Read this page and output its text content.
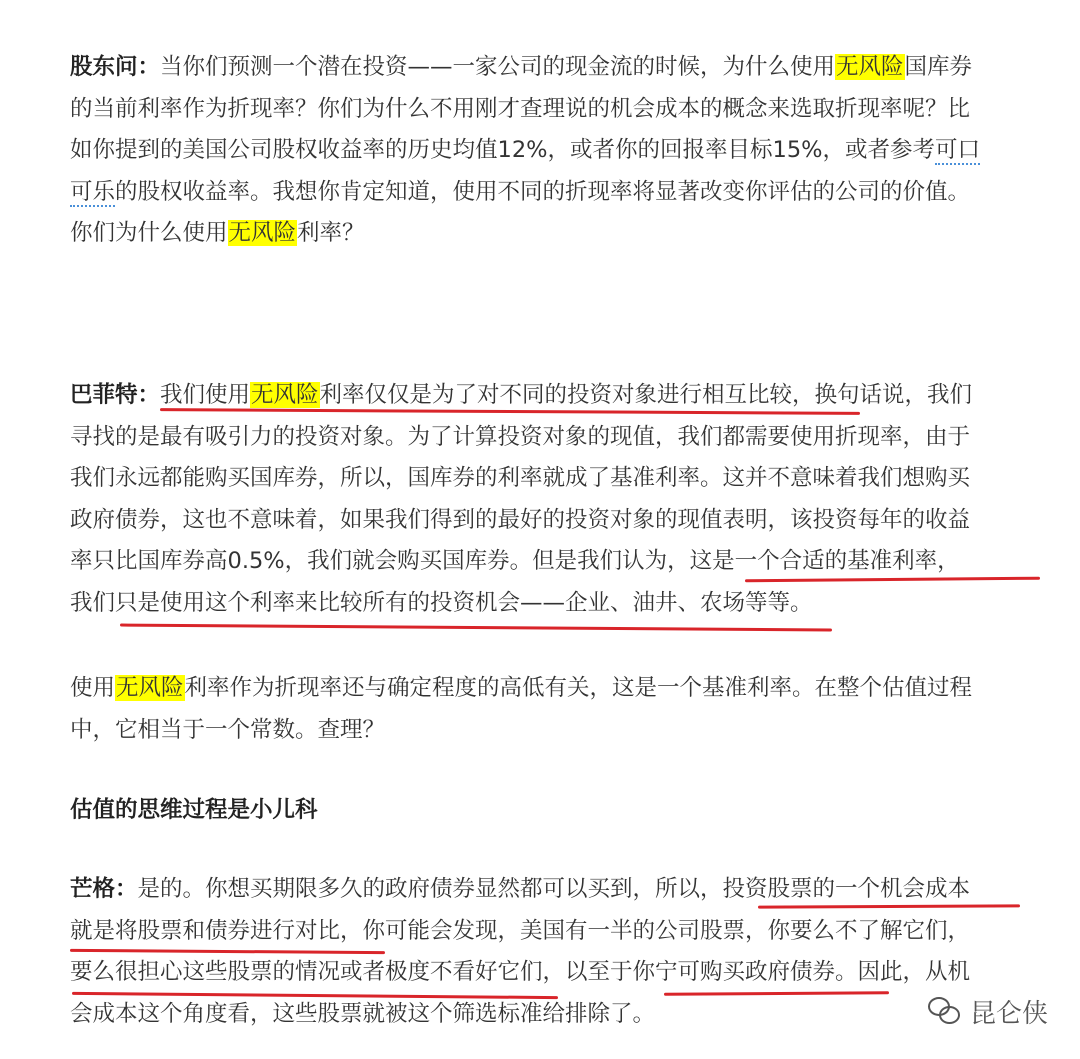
股东问：当你们预测一个潜在投资——一家公司的现金流的时候，为什么使用无风险国库券
的当前利率作为折现率？你们为什么不用刚才查理说的机会成本的概念来选取折现率呢？比
如你提到的美国公司股权收益率的历史均值12%，或者你的回报率目标15%，或者参考可口
可乐的股权收益率。我想你肯定知道，使用不同的折现率将显著改变你评估的公司的价值。
你们为什么使用无风险利率？
巴菲特：我们使用无风险利率仅仅是为了对不同的投资对象进行相互比较，换句话说，我们
寻找的是最有吸引力的投资对象。为了计算投资对象的现值，我们都需要使用折现率，由于
我们永远都能购买国库券，所以，国库券的利率就成了基准利率。这并不意味着我们想购买
政府债券，这也不意味着，如果我们得到的最好的投资对象的现值表明，该投资每年的收益
率只比国库券高0.5%，我们就会购买国库券。但是我们认为，这是一个合适的基准利率，
我们只是使用这个利率来比较所有的投资机会——企业、油井、农场等等。
使用无风险利率作为折现率还与确定程度的高低有关，这是一个基准利率。在整个估值过程
中，它相当于一个常数。查理？
估值的思维过程是小儿科
芒格：是的。你想买期限多久的政府债券显然都可以买到，所以，投资股票的一个机会成本
就是将股票和债券进行对比，你可能会发现，美国有一半的公司股票，你要么不了解它们，
要么很担心这些股票的情况或者极度不看好它们，以至于你宁可购买政府债券。因此，从机
会成本这个角度看，这些股票就被这个筛选标准给排除了。	昆仑侠
